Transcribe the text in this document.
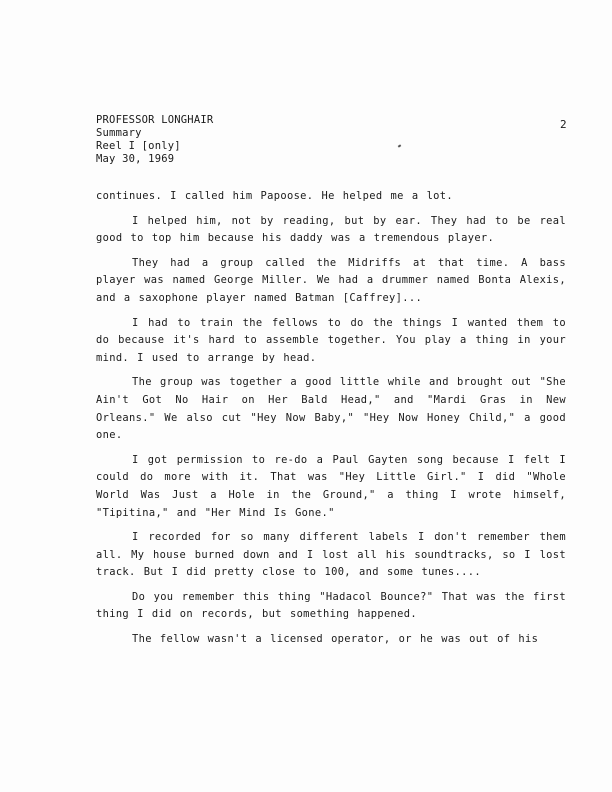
PROFESSOR LONGHAIR
Summary
Reel I [only]
May 30, 1969
2

continues. I called him Papoose. He helped me a lot.

I helped him, not by reading, but by ear. They had to be real good to top him because his daddy was a tremendous player.

They had a group called the Midriffs at that time. A bass player was named George Miller. We had a drummer named Bonta Alexis, and a saxophone player named Batman [Caffrey]...

I had to train the fellows to do the things I wanted them to do because it's hard to assemble together. You play a thing in your mind. I used to arrange by head.

The group was together a good little while and brought out "She Ain't Got No Hair on Her Bald Head," and "Mardi Gras in New Orleans." We also cut "Hey Now Baby," "Hey Now Honey Child," a good one.

I got permission to re-do a Paul Gayten song because I felt I could do more with it. That was "Hey Little Girl." I did "Whole World Was Just a Hole in the Ground," a thing I wrote himself, "Tipitina," and "Her Mind Is Gone."

I recorded for so many different labels I don't remember them all. My house burned down and I lost all his soundtracks, so I lost track. But I did pretty close to 100, and some tunes....

Do you remember this thing "Hadacol Bounce?" That was the first thing I did on records, but something happened.

The fellow wasn't a licensed operator, or he was out of his
